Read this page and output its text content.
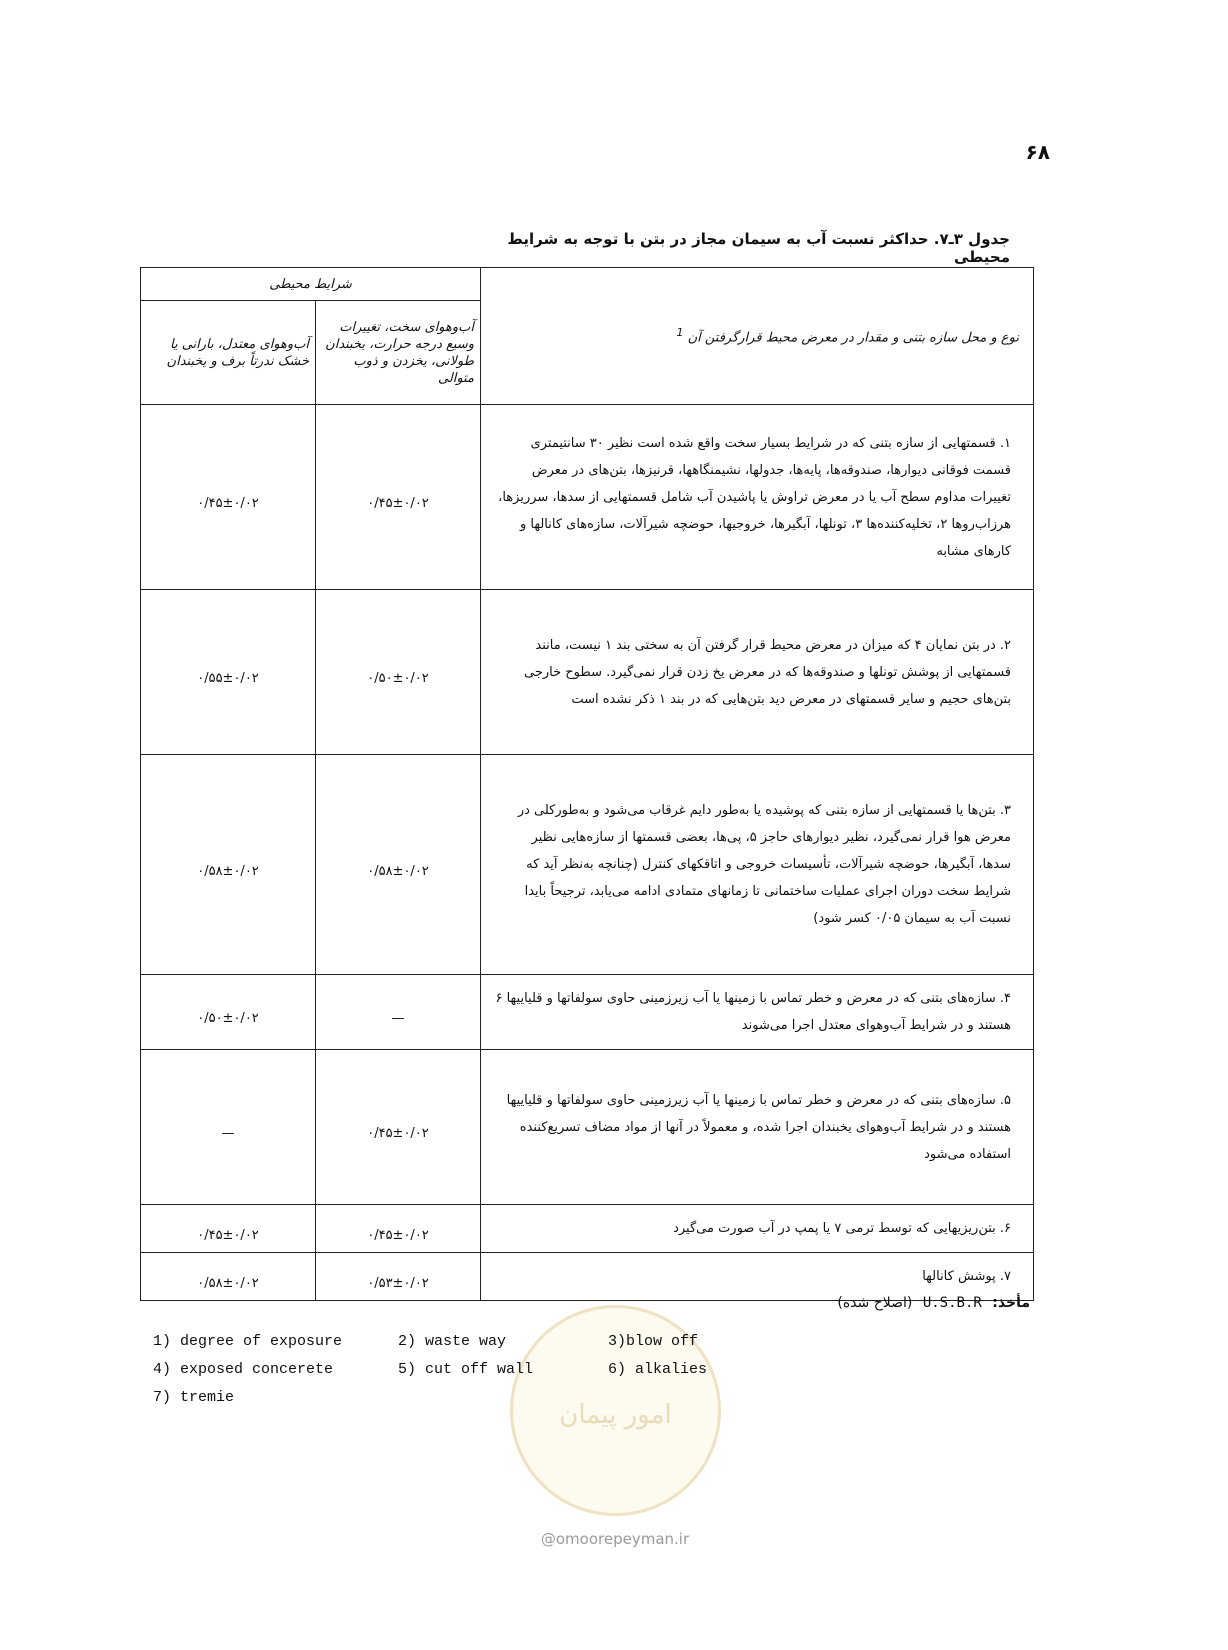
۶۸
جدول ۳ـ۷. حداکثر نسبت آب به سیمان مجاز در بتن با توجه به شرایط محیطی
نوع و محل سازه بتنی و مقدار در معرض محیط قرارگرفتن آن $^1$	شرایط محیطی	
	آب‌وهوای سخت، تغییرات وسیع درجه حرارت، یخبندان طولانی، یخزدن و ذوب متوالی	آب‌وهوای معتدل، بارانی یا خشک ندرتاً برف و یخبندان
۱. قسمتهایی از سازه بتنی که در شرایط بسیار سخت واقع شده است نظیر ۳۰ سانتیمتری قسمت فوقانی دیوارها، صندوقه‌ها، پایه‌ها، جدولها، نشیمنگاهها، قرنیزها، بتن‌های در معرض تغییرات مداوم سطح آب یا در معرض تراوش یا پاشیدن آب شامل قسمتهایی از سدها، سرریزها، هرزاب‌روها ۲، تخلیه‌کننده‌ها ۳، تونلها، آبگیرها، خروجیها، حوضچه شیرآلات، سازه‌های کانالها و کارهای مشابه	۰/۴۵±۰/۰۲	۰/۴۵±۰/۰۲
۲. در بتن نمایان ۴ که میزان در معرض محیط قرار گرفتن آن به سختی بند ۱ نیست، مانند قسمتهایی از پوشش تونلها و صندوقه‌ها که در معرض یخ زدن قرار نمی‌گیرد. سطوح خارجی بتن‌های حجیم و سایر قسمتهای در معرض دید بتن‌هایی که در بند ۱ ذکر نشده است	۰/۵۰±۰/۰۲	۰/۵۵±۰/۰۲
۳. بتن‌ها یا قسمتهایی از سازه بتنی که پوشیده یا به‌طور دایم غرقاب می‌شود و به‌طورکلی در معرض هوا قرار نمی‌گیرد، نظیر دیوارهای حاجز ۵، پی‌ها، بعضی قسمتها از سازه‌هایی نظیر سدها، آبگیرها، حوضچه شیرآلات، تأسیسات خروجی و اتاقکهای کنترل (چنانچه به‌نظر آید که شرایط سخت دوران اجرای عملیات ساختمانی تا زمانهای متمادی ادامه می‌یابد، ترجیحاً بایدا نسبت آب به سیمان ۰/۰۵ کسر شود)	۰/۵۸±۰/۰۲	۰/۵۸±۰/۰۲
۴. سازه‌های بتنی که در معرض و خطر تماس با زمینها یا آب زیرزمینی حاوی سولفاتها و قلیاییها ۶ هستند و در شرایط آب‌وهوای معتدل اجرا می‌شوند	—	۰/۵۰±۰/۰۲
۵. سازه‌های بتنی که در معرض و خطر تماس با زمینها یا آب زیرزمینی حاوی سولفاتها و قلیاییها هستند و در شرایط آب‌وهوای یخبندان اجرا شده، و معمولاً در آنها از مواد مضاف تسریع‌کننده استفاده می‌شود	۰/۴۵±۰/۰۲	—
۶. بتن‌ریزیهایی که توسط ترمی ۷ یا پمپ در آب صورت می‌گیرد	۰/۴۵±۰/۰۲	۰/۴۵±۰/۰۲
۷. پوشش کانالها	۰/۵۳±۰/۰۲	۰/۵۸±۰/۰۲
مأخذ: U.S.B.R (اصلاح شده)
امور پیمان
1) degree of exposure	2) waste way	3)blow off
4) exposed concerete	5) cut off wall	6) alkalies
7) tremie
@omoorepeyman.ir
